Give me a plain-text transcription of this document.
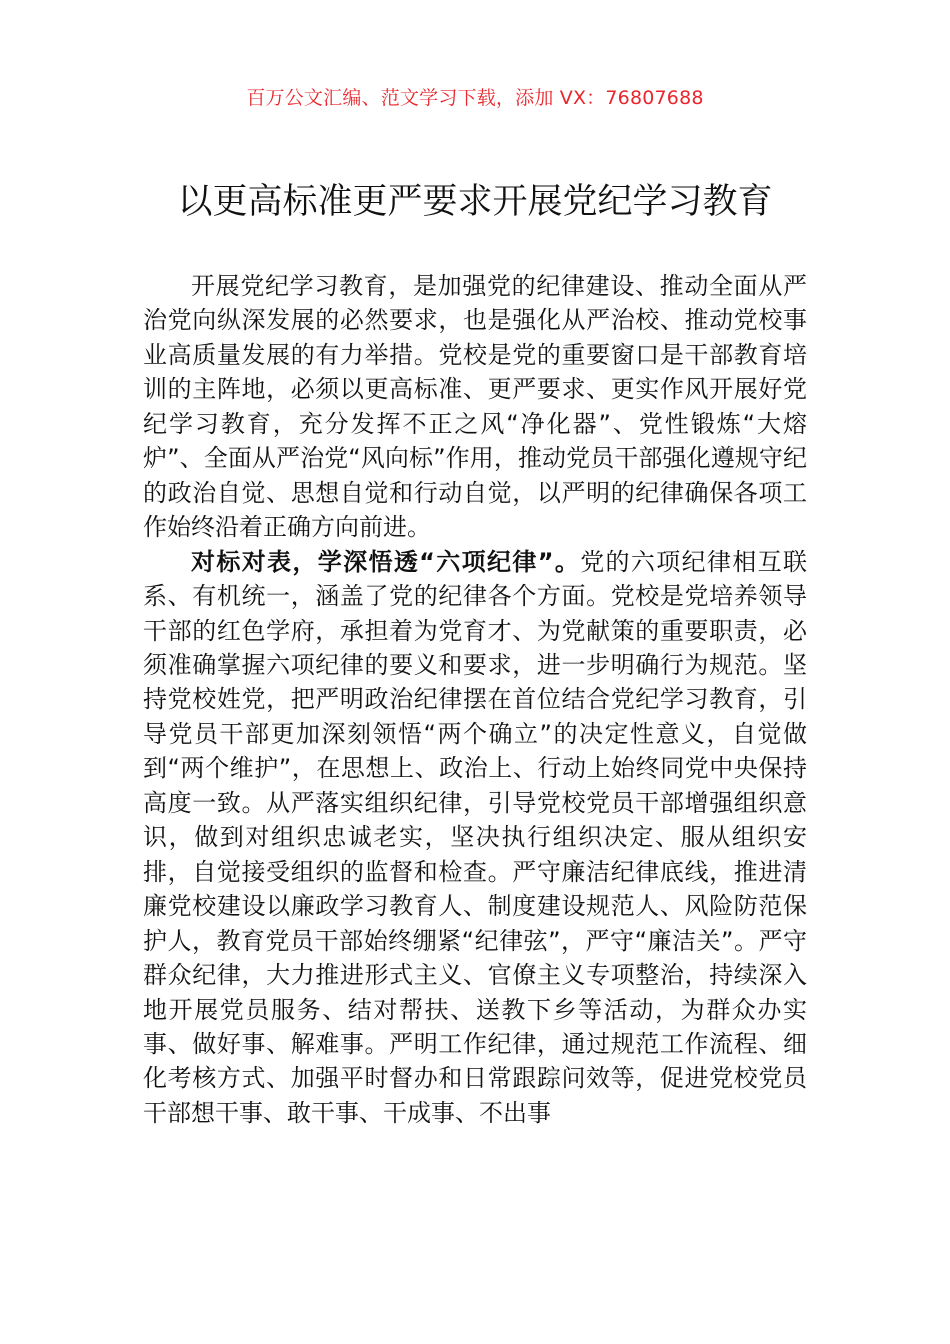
百万公文汇编、范文学习下载，添加 VX：76807688
以更高标准更严要求开展党纪学习教育

开展党纪学习教育，是加强党的纪律建设、推动全面从严治党向纵深发展的必然要求，也是强化从严治校、推动党校事业高质量发展的有力举措。党校是党的重要窗口是干部教育培训的主阵地，必须以更高标准、更严要求、更实作风开展好党纪学习教育，充分发挥不正之风“净化器”、党性锻炼“大熔炉”、全面从严治党“风向标”作用，推动党员干部强化遵规守纪的政治自觉、思想自觉和行动自觉，以严明的纪律确保各项工作始终沿着正确方向前进。

对标对表，学深悟透“六项纪律”。党的六项纪律相互联系、有机统一，涵盖了党的纪律各个方面。党校是党培养领导干部的红色学府，承担着为党育才、为党献策的重要职责，必须准确掌握六项纪律的要义和要求，进一步明确行为规范。坚持党校姓党，把严明政治纪律摆在首位结合党纪学习教育，引导党员干部更加深刻领悟“两个确立”的决定性意义，自觉做到“两个维护”，在思想上、政治上、行动上始终同党中央保持高度一致。从严落实组织纪律，引导党校党员干部增强组织意识，做到对组织忠诚老实，坚决执行组织决定、服从组织安排，自觉接受组织的监督和检查。严守廉洁纪律底线，推进清廉党校建设以廉政学习教育人、制度建设规范人、风险防范保护人，教育党员干部始终绷紧“纪律弦”，严守“廉洁关”。严守群众纪律，大力推进形式主义、官僚主义专项整治，持续深入地开展党员服务、结对帮扶、送教下乡等活动，为群众办实事、做好事、解难事。严明工作纪律，通过规范工作流程、细化考核方式、加强平时督办和日常跟踪问效等，促进党校党员干部想干事、敢干事、干成事、不出事
